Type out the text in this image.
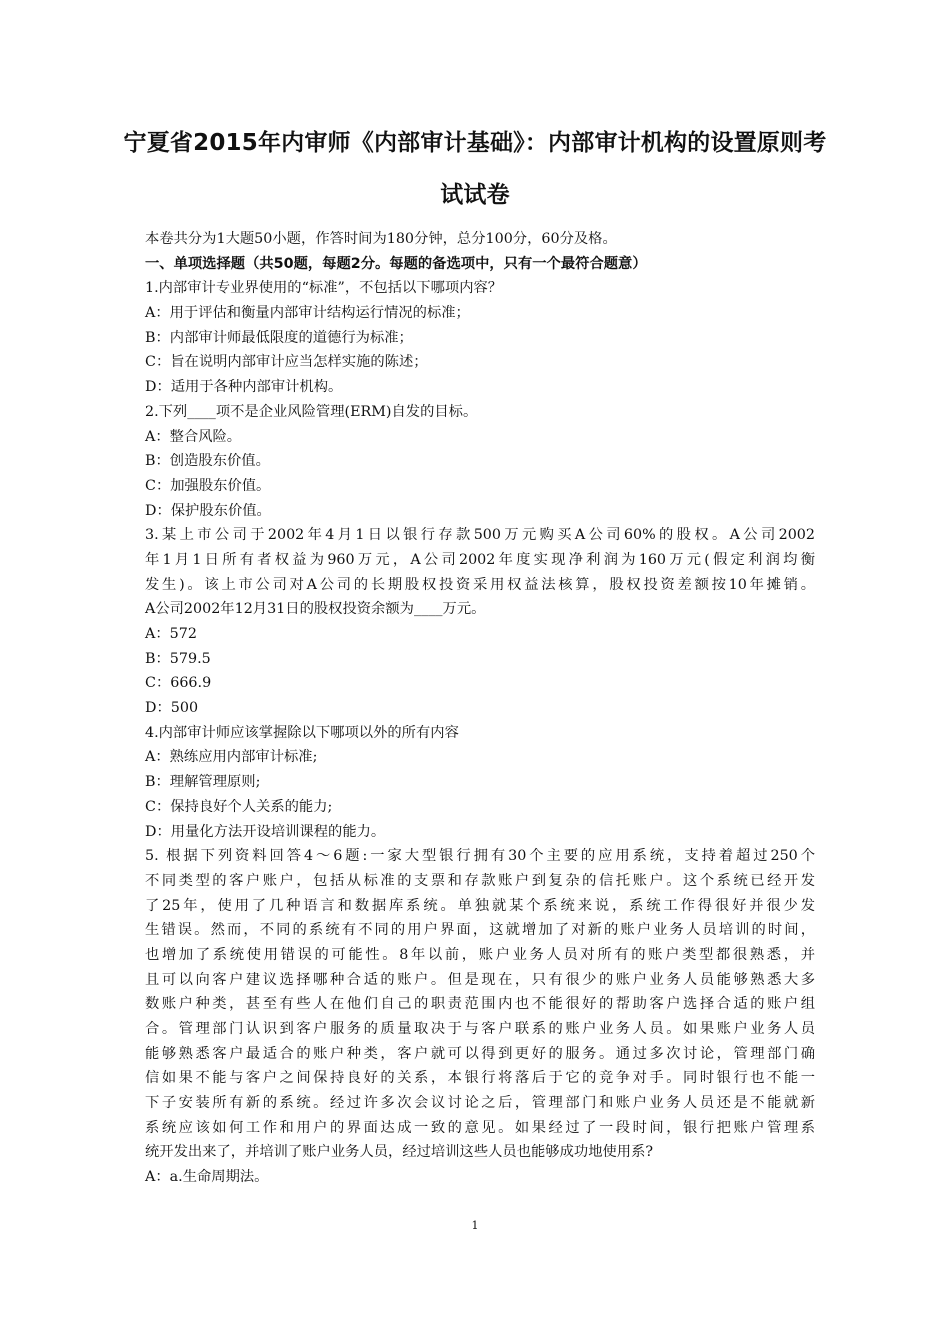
宁夏省2015年内审师《内部审计基础》：内部审计机构的设置原则考
试试卷
本卷共分为1大题50小题，作答时间为180分钟，总分100分，60分及格。
一、单项选择题（共50题，每题2分。每题的备选项中，只有一个最符合题意）
1.内部审计专业界使用的“标准”，不包括以下哪项内容？
A：用于评估和衡量内部审计结构运行情况的标准；
B：内部审计师最低限度的道德行为标准；
C：旨在说明内部审计应当怎样实施的陈述；
D：适用于各种内部审计机构。
2.下列____项不是企业风险管理(ERM)自发的目标。
A：整合风险。
B：创造股东价值。
C：加强股东价值。
D：保护股东价值。
3.某上市公司于2002年4月1日以银行存款500万元购买A公司60%的股权。A公司2002
年1月1日所有者权益为960万元，A公司2002年度实现净利润为160万元(假定利润均衡
发生)。该上市公司对A公司的长期股权投资采用权益法核算，股权投资差额按10年摊销。
A公司2002年12月31日的股权投资余额为____万元。
A：572
B：579.5
C：666.9
D：500
4.内部审计师应该掌握除以下哪项以外的所有内容
A：熟练应用内部审计标准;
B：理解管理原则;
C：保持良好个人关系的能力;
D：用量化方法开设培训课程的能力。
5. 根据下列资料回答4～6题:一家大型银行拥有30个主要的应用系统，支持着超过250个
不同类型的客户账户，包括从标准的支票和存款账户到复杂的信托账户。这个系统已经开发
了25年，使用了几种语言和数据库系统。单独就某个系统来说，系统工作得很好并很少发
生错误。然而，不同的系统有不同的用户界面，这就增加了对新的账户业务人员培训的时间，
也增加了系统使用错误的可能性。8年以前，账户业务人员对所有的账户类型都很熟悉，并
且可以向客户建议选择哪种合适的账户。但是现在，只有很少的账户业务人员能够熟悉大多
数账户种类，甚至有些人在他们自己的职责范围内也不能很好的帮助客户选择合适的账户组
合。管理部门认识到客户服务的质量取决于与客户联系的账户业务人员。如果账户业务人员
能够熟悉客户最适合的账户种类，客户就可以得到更好的服务。通过多次讨论，管理部门确
信如果不能与客户之间保持良好的关系，本银行将落后于它的竞争对手。同时银行也不能一
下子安装所有新的系统。经过许多次会议讨论之后，管理部门和账户业务人员还是不能就新
系统应该如何工作和用户的界面达成一致的意见。如果经过了一段时间，银行把账户管理系
统开发出来了，并培训了账户业务人员，经过培训这些人员也能够成功地使用系?
A：a.生命周期法。
1
